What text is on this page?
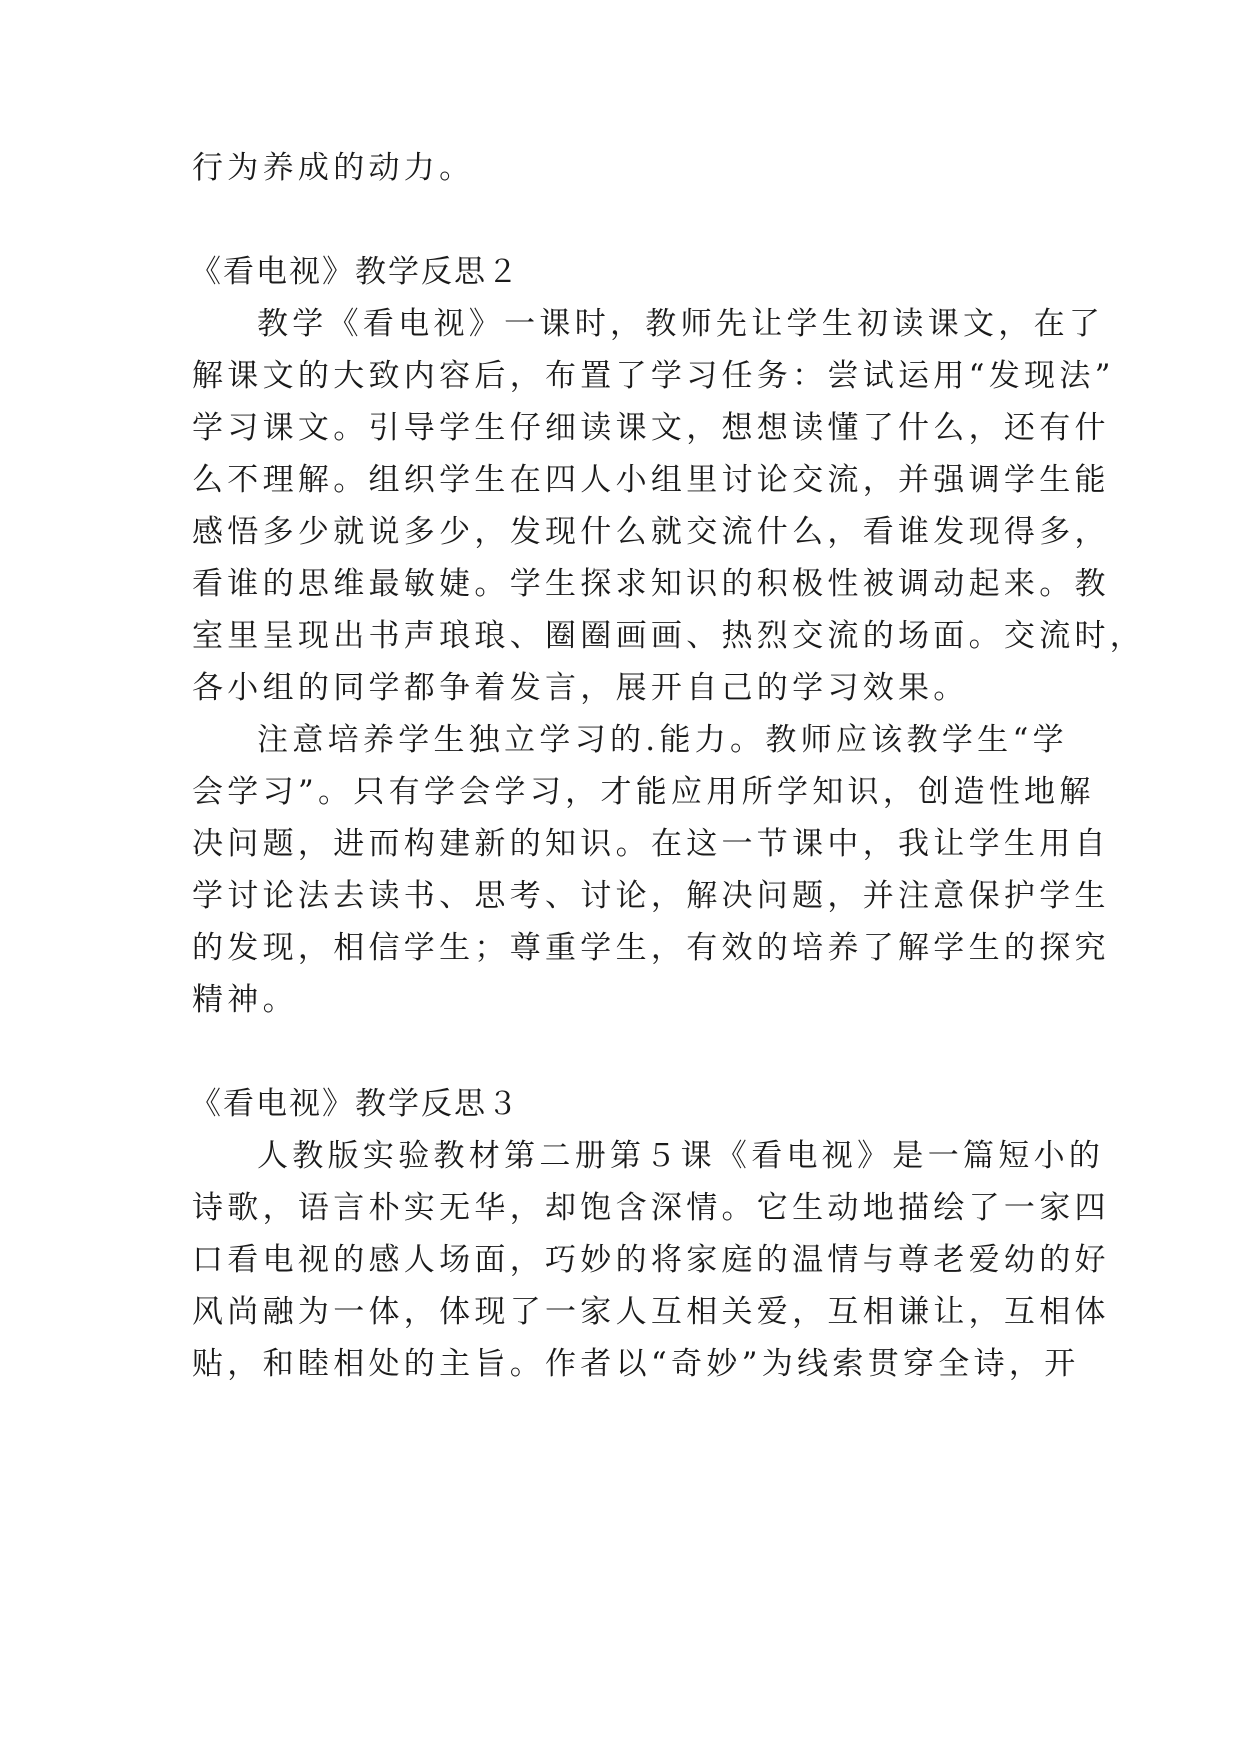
行为养成的动力。
《看电视》教学反思２
教学《看电视》一课时，教师先让学生初读课文，在了
解课文的大致内容后，布置了学习任务：尝试运用“发现法”
学习课文。引导学生仔细读课文，想想读懂了什么，还有什
么不理解。组织学生在四人小组里讨论交流，并强调学生能
感悟多少就说多少，发现什么就交流什么，看谁发现得多，
看谁的思维最敏婕。学生探求知识的积极性被调动起来。教
室里呈现出书声琅琅、圈圈画画、热烈交流的场面。交流时，
各小组的同学都争着发言，展开自己的学习效果。
注意培养学生独立学习的.能力。教师应该教学生“学
会学习”。只有学会学习，才能应用所学知识，创造性地解
决问题，进而构建新的知识。在这一节课中，我让学生用自
学讨论法去读书、思考、讨论，解决问题，并注意保护学生
的发现，相信学生；尊重学生，有效的培养了解学生的探究
精神。
《看电视》教学反思３
人教版实验教材第二册第５课《看电视》是一篇短小的
诗歌，语言朴实无华，却饱含深情。它生动地描绘了一家四
口看电视的感人场面，巧妙的将家庭的温情与尊老爱幼的好
风尚融为一体，体现了一家人互相关爱，互相谦让，互相体
贴，和睦相处的主旨。作者以“奇妙”为线索贯穿全诗，开
